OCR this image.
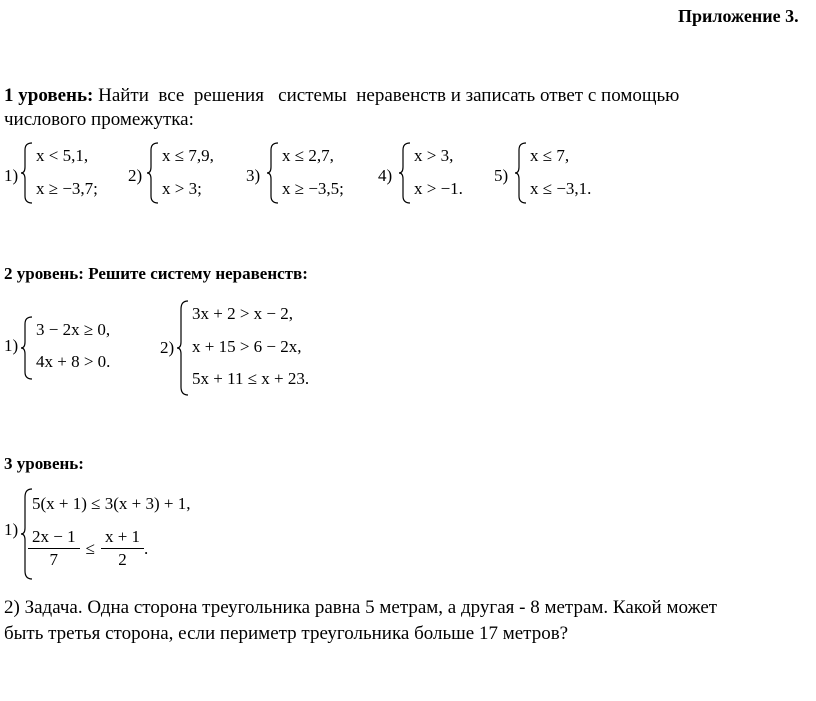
Приложение 3.
1 уровень: Найти  все  решения   системы  неравенств и записать ответ с помощью
числового промежутка:
1)
x < 5,1,
x ≥ −3,7;
2)
x ≤ 7,9,
x > 3;
3)
x ≤ 2,7,
x ≥ −3,5;
4)
x > 3,
x > −1.
5)
x ≤ 7,
x ≤ −3,1.
2 уровень: Решите систему неравенств:
1)
3 − 2x ≥ 0,
4x + 8 > 0.
2)
3x + 2 > x − 2,
x + 15 > 6 − 2x,
5x + 11 ≤ x + 23.
3 уровень:
1)
5(x + 1) ≤ 3(x + 3) + 1,
$\frac{2x - 1}{7} \le \frac{x + 1}{2}$ .
2) Задача. Одна сторона треугольника равна 5 метрам, а другая - 8 метрам. Какой может
быть третья сторона, если периметр треугольника больше 17 метров?
